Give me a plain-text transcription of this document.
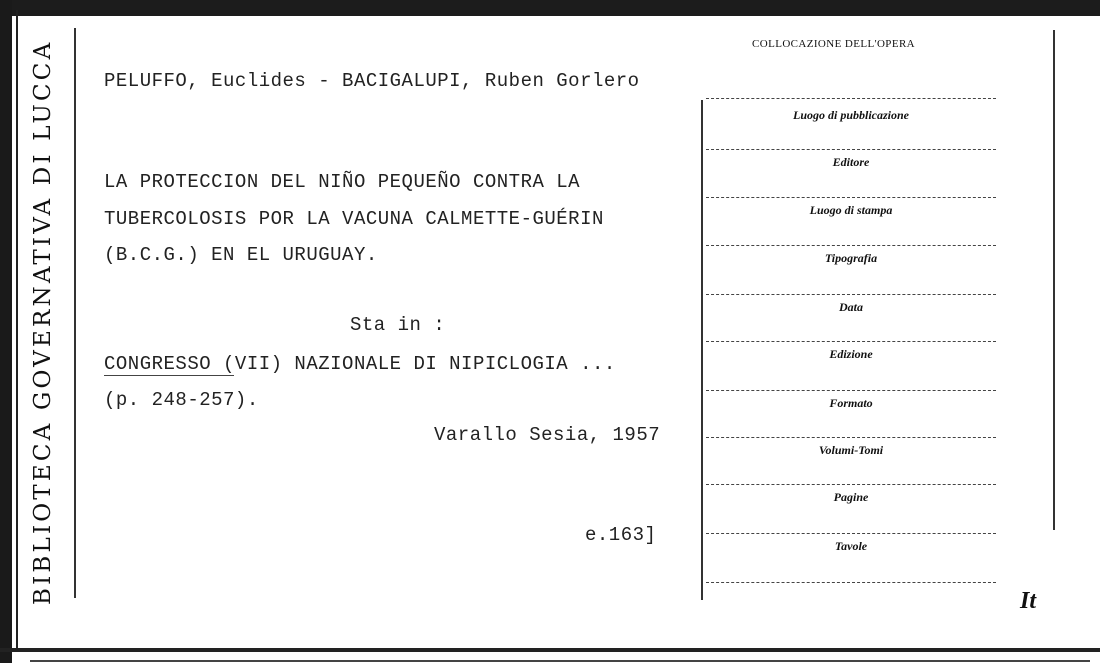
BIBLIOTECA GOVERNATIVA DI LUCCA	PELUFFO, Euclides - BACIGALUPI, Ruben Gorlero
LA PROTECCION DEL NIÑO PEQUEÑO CONTRA LA
TUBERCOLOSIS POR LA VACUNA CALMETTE-GUÉRIN
(B.C.G.) EN EL URUGUAY.
Sta in :
CONGRESSO (VII) NAZIONALE DI NIPICLOGIA ...
(p. 248-257).
Varallo Sesia, 1957
e.163]
COLLOCAZIONE DELL'OPERA
Luogo di pubblicazione
Editore
Luogo di stampa
Tipografia
Data
Edizione
Formato
Volumi-Tomi
Pagine
Tavole
It
